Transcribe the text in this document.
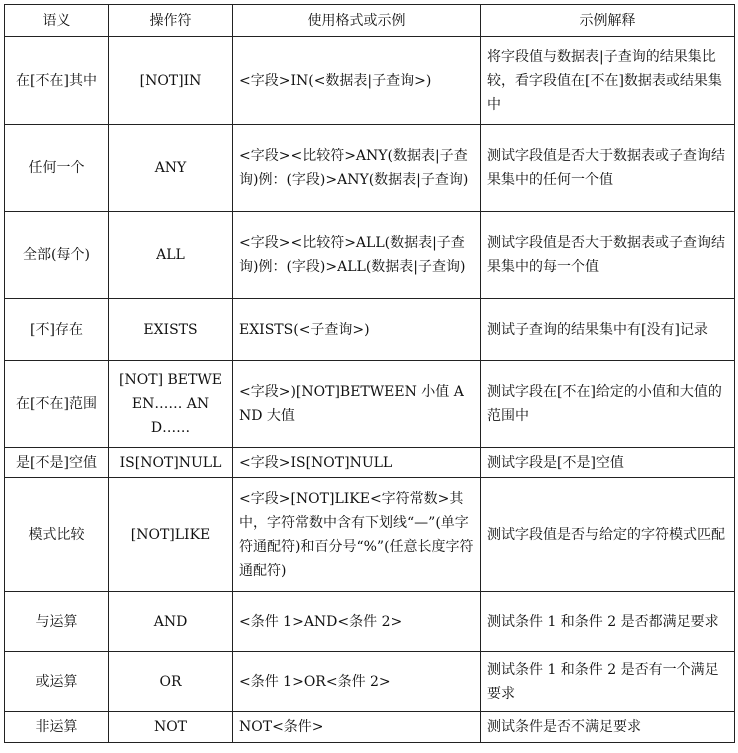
语义	操作符	使用格式或示例	示例解释
在[不在]其中	[NOT]IN	<字段>IN(<数据表|子查询>)	将字段值与数据表|子查询的结果集比较，看字段值在[不在]数据表或结果集中
任何一个	ANY	<字段><比较符>ANY(数据表|子查询)例：(字段)>ANY(数据表|子查询)	测试字段值是否大于数据表或子查询结果集中的任何一个值
全部(每个)	ALL	<字段><比较符>ALL(数据表|子查询)例：(字段)>ALL(数据表|子查询)	测试字段值是否大于数据表或子查询结果集中的每一个值
[不]存在	EXISTS	EXISTS(<子查询>)	测试子查询的结果集中有[没有]记录
在[不在]范围	[NOT] BETWEEN…… AND……	<字段>)[NOT]BETWEEN 小值 AND 大值	测试字段在[不在]给定的小值和大值的范围中
是[不是]空值	IS[NOT]NULL	<字段>IS[NOT]NULL	测试字段是[不是]空值
模式比较	[NOT]LIKE	<字段>[NOT]LIKE<字符常数>其中，字符常数中含有下划线“—”(单字符通配符)和百分号“%”(任意长度字符通配符)	测试字段值是否与给定的字符模式匹配
与运算	AND	<条件 1>AND<条件 2>	测试条件 1 和条件 2 是否都满足要求
或运算	OR	<条件 1>OR<条件 2>	测试条件 1 和条件 2 是否有一个满足要求
非运算	NOT	NOT<条件>	测试条件是否不满足要求
